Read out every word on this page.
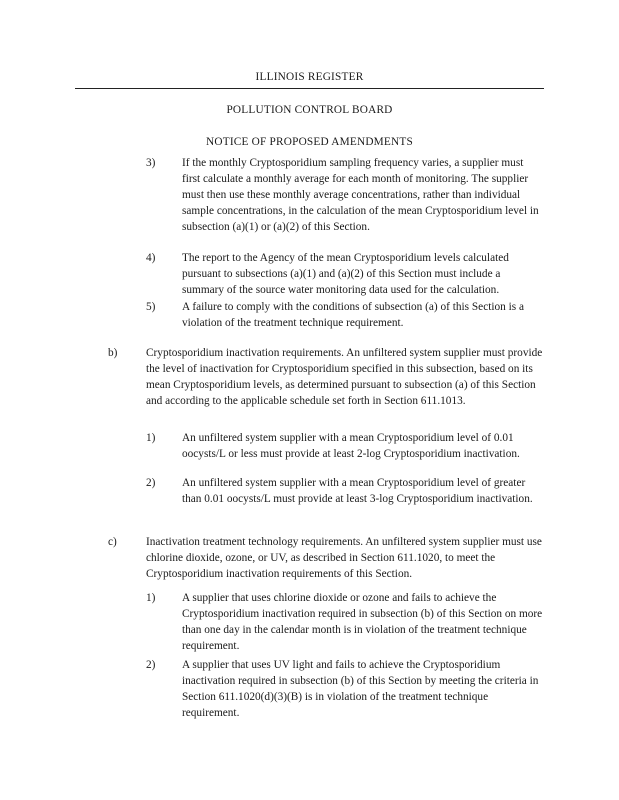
ILLINOIS REGISTER
POLLUTION CONTROL BOARD
NOTICE OF PROPOSED AMENDMENTS
3) If the monthly Cryptosporidium sampling frequency varies, a supplier must first calculate a monthly average for each month of monitoring. The supplier must then use these monthly average concentrations, rather than individual sample concentrations, in the calculation of the mean Cryptosporidium level in subsection (a)(1) or (a)(2) of this Section.
4) The report to the Agency of the mean Cryptosporidium levels calculated pursuant to subsections (a)(1) and (a)(2) of this Section must include a summary of the source water monitoring data used for the calculation.
5) A failure to comply with the conditions of subsection (a) of this Section is a violation of the treatment technique requirement.
b)	Cryptosporidium inactivation requirements. An unfiltered system supplier must provide the level of inactivation for Cryptosporidium specified in this subsection, based on its mean Cryptosporidium levels, as determined pursuant to subsection (a) of this Section and according to the applicable schedule set forth in Section 611.1013.
1) An unfiltered system supplier with a mean Cryptosporidium level of 0.01 oocysts/L or less must provide at least 2-log Cryptosporidium inactivation.
2) An unfiltered system supplier with a mean Cryptosporidium level of greater than 0.01 oocysts/L must provide at least 3-log Cryptosporidium inactivation.
c)	Inactivation treatment technology requirements. An unfiltered system supplier must use chlorine dioxide, ozone, or UV, as described in Section 611.1020, to meet the Cryptosporidium inactivation requirements of this Section.
1) A supplier that uses chlorine dioxide or ozone and fails to achieve the Cryptosporidium inactivation required in subsection (b) of this Section on more than one day in the calendar month is in violation of the treatment technique requirement.
2) A supplier that uses UV light and fails to achieve the Cryptosporidium inactivation required in subsection (b) of this Section by meeting the criteria in Section 611.1020(d)(3)(B) is in violation of the treatment technique requirement.
